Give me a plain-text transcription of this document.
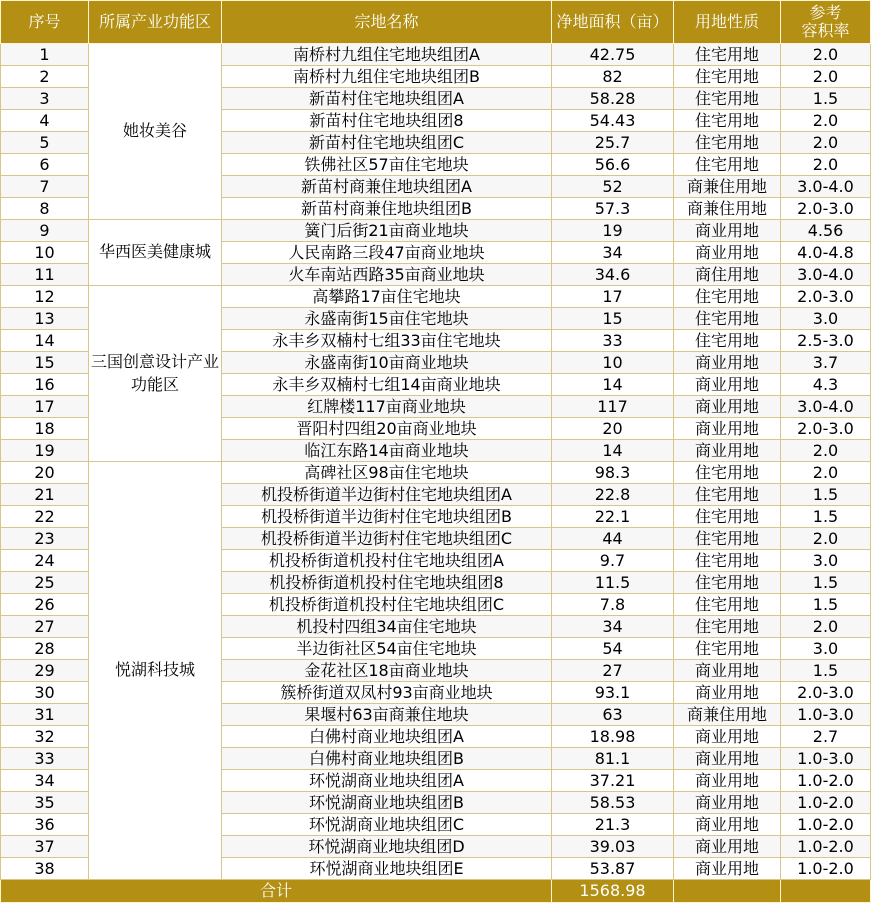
序号	所属产业功能区	宗地名称	净地面积（亩）	用地性质	参考
容积率
1	她妆美谷	南桥村九组住宅地块组团A	42.75	住宅用地	2.0
2		南桥村九组住宅地块组团B	82	住宅用地	2.0
3		新苗村住宅地块组团A	58.28	住宅用地	1.5
4		新苗村住宅地块组团8	54.43	住宅用地	2.0
5		新苗村住宅地块组团C	25.7	住宅用地	2.0
6		铁佛社区57亩住宅地块	56.6	住宅用地	2.0
7		新苗村商兼住地块组团A	52	商兼住用地	3.0-4.0
8		新苗村商兼住地块组团B	57.3	商兼住用地	2.0-3.0
9	华西医美健康城	簧门后街21亩商业地块	19	商业用地	4.56
10		人民南路三段47亩商业地块	34	商业用地	4.0-4.8
11		火车南站西路35亩商业地块	34.6	商住用地	3.0-4.0
12	三国创意设计产业功能区	高攀路17亩住宅地块	17	住宅用地	2.0-3.0
13		永盛南街15亩住宅地块	15	住宅用地	3.0
14		永丰乡双楠村七组33亩住宅地块	33	住宅用地	2.5-3.0
15		永盛南街10亩商业地块	10	商业用地	3.7
16		永丰乡双楠村七组14亩商业地块	14	商业用地	4.3
17		红牌楼117亩商业地块	117	商业用地	3.0-4.0
18		晋阳村四组20亩商业地块	20	商业用地	2.0-3.0
19		临江东路14亩商业地块	14	商业用地	2.0
20	悦湖科技城	高碑社区98亩住宅地块	98.3	住宅用地	2.0
21		机投桥街道半边街村住宅地块组团A	22.8	住宅用地	1.5
22		机投桥街道半边街村住宅地块组团B	22.1	住宅用地	1.5
23		机投桥街道半边街村住宅地块组团C	44	住宅用地	2.0
24		机投桥街道机投村住宅地块组团A	9.7	住宅用地	3.0
25		机投桥街道机投村住宅地块组团8	11.5	住宅用地	1.5
26		机投桥街道机投村住宅地块组团C	7.8	住宅用地	1.5
27		机投村四组34亩住宅地块	34	住宅用地	2.0
28		半边街社区54亩住宅地块	54	住宅用地	3.0
29		金花社区18亩商业地块	27	商业用地	1.5
30		簇桥街道双凤村93亩商业地块	93.1	商业用地	2.0-3.0
31		果堰村63亩商兼住地块	63	商兼住用地	1.0-3.0
32		白佛村商业地块组团A	18.98	商业用地	2.7
33		白佛村商业地块组团B	81.1	商业用地	1.0-3.0
34		环悦湖商业地块组团A	37.21	商业用地	1.0-2.0
35		环悦湖商业地块组团B	58.53	商业用地	1.0-2.0
36		环悦湖商业地块组团C	21.3	商业用地	1.0-2.0
37		环悦湖商业地块组团D	39.03	商业用地	1.0-2.0
38		环悦湖商业地块组团E	53.87	商业用地	1.0-2.0
合计			1568.98		
